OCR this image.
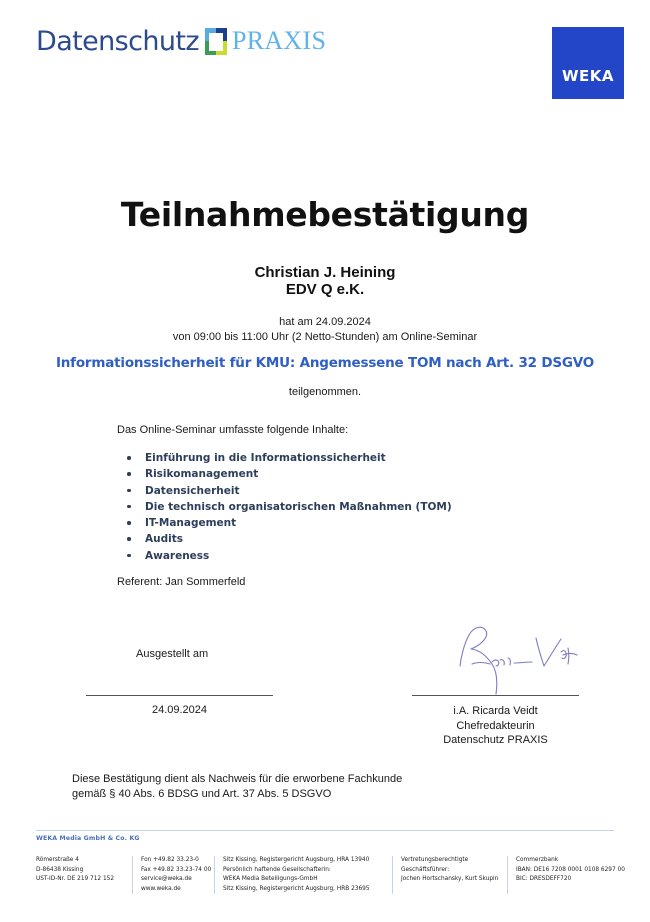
Datenschutz PRAXIS
WEKA
Teilnahmebestätigung
Christian J. Heining
EDV Q e.K.
hat am 24.09.2024
von 09:00 bis 11:00 Uhr (2 Netto-Stunden) am Online-Seminar
Informationssicherheit für KMU: Angemessene TOM nach Art. 32 DSGVO
teilgenommen.
Das Online-Seminar umfasste folgende Inhalte:
Einführung in die Informationssicherheit
Risikomanagement
Datensicherheit
Die technisch organisatorischen Maßnahmen (TOM)
IT-Management
Audits
Awareness
Referent: Jan Sommerfeld
Ausgestellt am
24.09.2024	i.A. Ricarda Veidt
Chefredakteurin
Datenschutz PRAXIS
Diese Bestätigung dient als Nachweis für die erworbene Fachkunde
gemäß § 40 Abs. 6 BDSG und Art. 37 Abs. 5 DSGVO
WEKA Media GmbH & Co. KG
Römerstraße 4
D-86438 Kissing
UST-ID-Nr. DE 219 712 152
Fon +49.82 33.23-0
Fax +49.82 33.23-74 00
service@weka.de
www.weka.de
Sitz Kissing, Registergericht Augsburg, HRA 13940
Persönlich haftende Gesellschafterin:
WEKA Media Beteiligungs-GmbH
Sitz Kissing, Registergericht Augsburg, HRB 23695
Vertretungsberechtigte
Geschäftsführer:
Jochen Hortschansky, Kurt Skupin
Commerzbank
IBAN: DE16 7208 0001 0108 6297 00
BIC: DRESDEFF720
